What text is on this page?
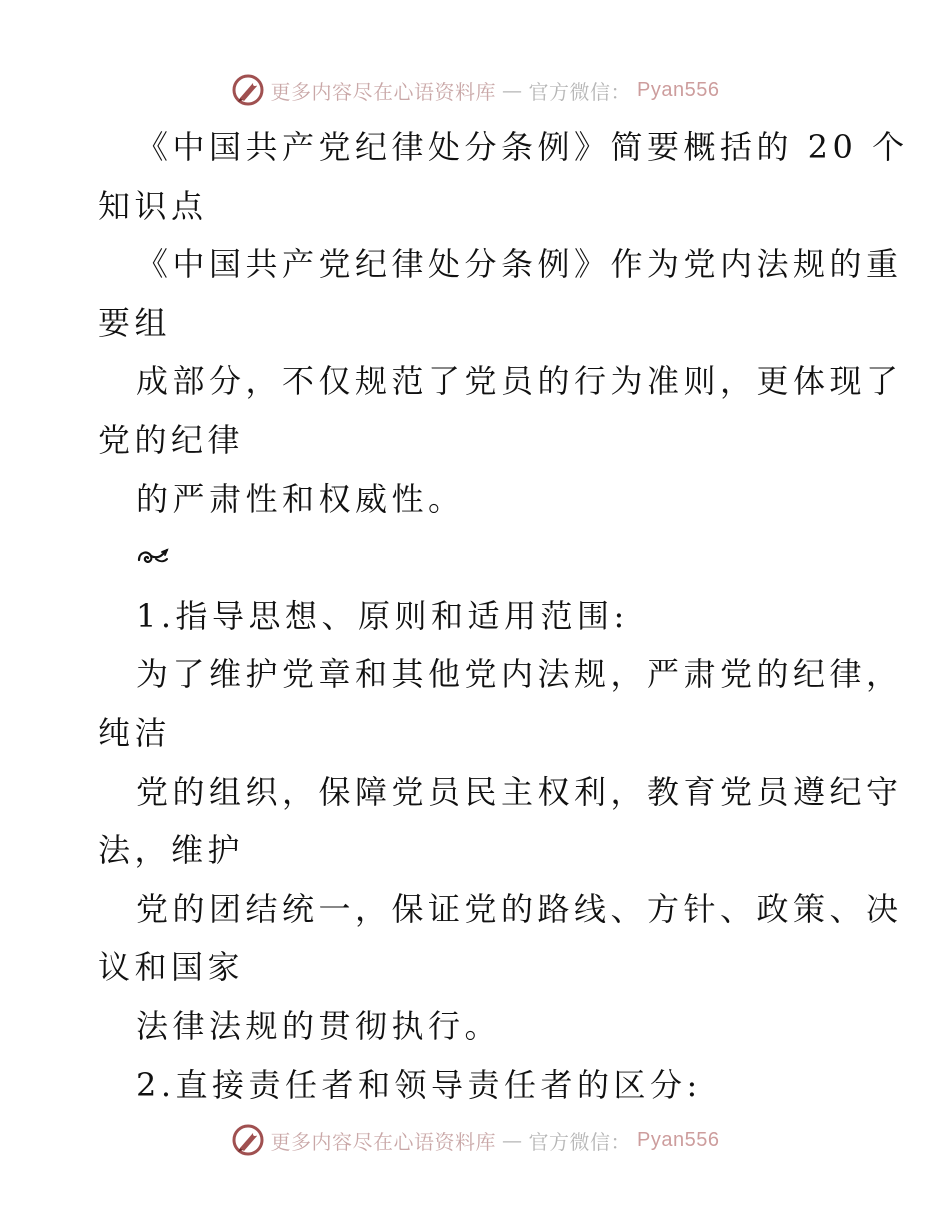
更多内容尽在心语资料库 — 官方微信： Pyan556
《中国共产党纪律处分条例》简要概括的 20 个
知识点
《中国共产党纪律处分条例》作为党内法规的重
要组
成部分，不仅规范了党员的行为准则，更体现了
党的纪律
的严肃性和权威性。
1.指导思想、原则和适用范围:
为了维护党章和其他党内法规，严肃党的纪律，
纯洁
党的组织，保障党员民主权利，教育党员遵纪守
法，维护
党的团结统一，保证党的路线、方针、政策、决
议和国家
法律法规的贯彻执行。
2.直接责任者和领导责任者的区分:
更多内容尽在心语资料库 — 官方微信： Pyan556
